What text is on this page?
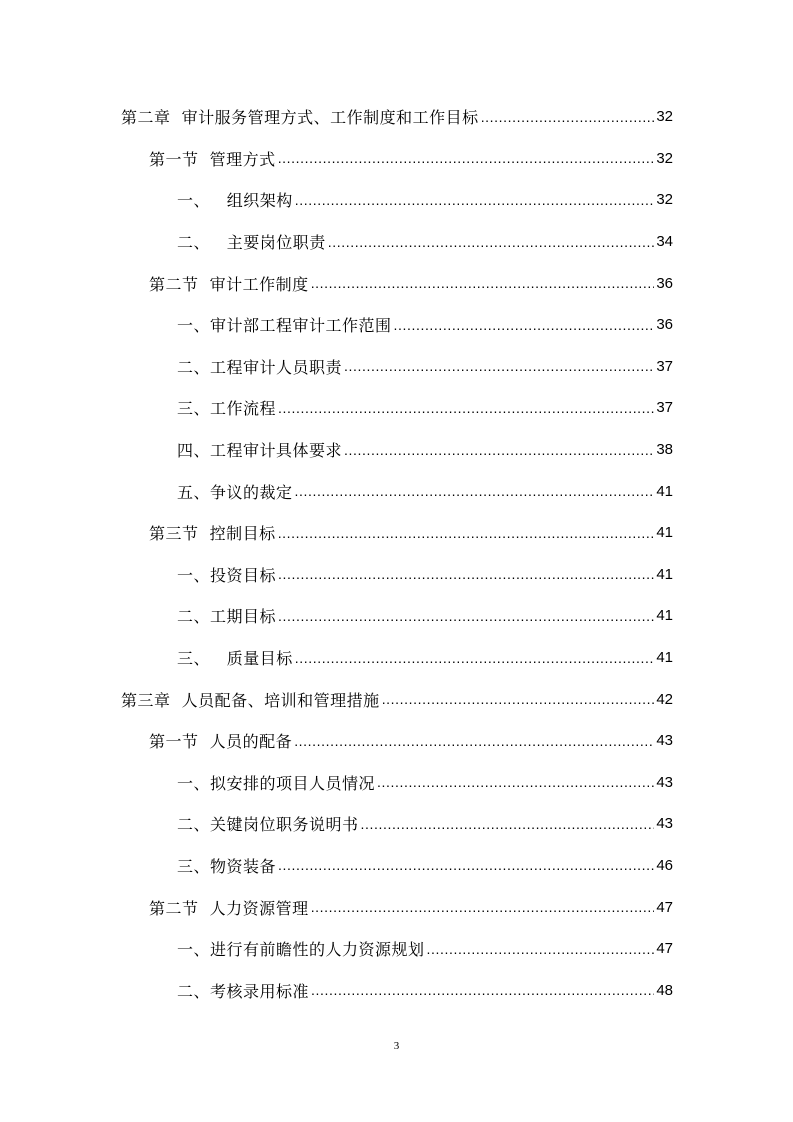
第二章  审计服务管理方式、工作制度和工作目标 .....	32
第一节  管理方式 .....	32
一、   组织架构 .....	32
二、   主要岗位职责 .....	34
第二节  审计工作制度 .....	36
一、审计部工程审计工作范围 .....	36
二、工程审计人员职责 .....	37
三、工作流程 .....	37
四、工程审计具体要求 .....	38
五、争议的裁定 .....	41
第三节  控制目标 .....	41
一、投资目标 .....	41
二、工期目标 .....	41
三、   质量目标 .....	41
第三章  人员配备、培训和管理措施 .....	42
第一节  人员的配备 .....	43
一、拟安排的项目人员情况 .....	43
二、关键岗位职务说明书 .....	43
三、物资装备 .....	46
第二节  人力资源管理 .....	47
一、进行有前瞻性的人力资源规划 .....	47
二、考核录用标准 .....	48
3
